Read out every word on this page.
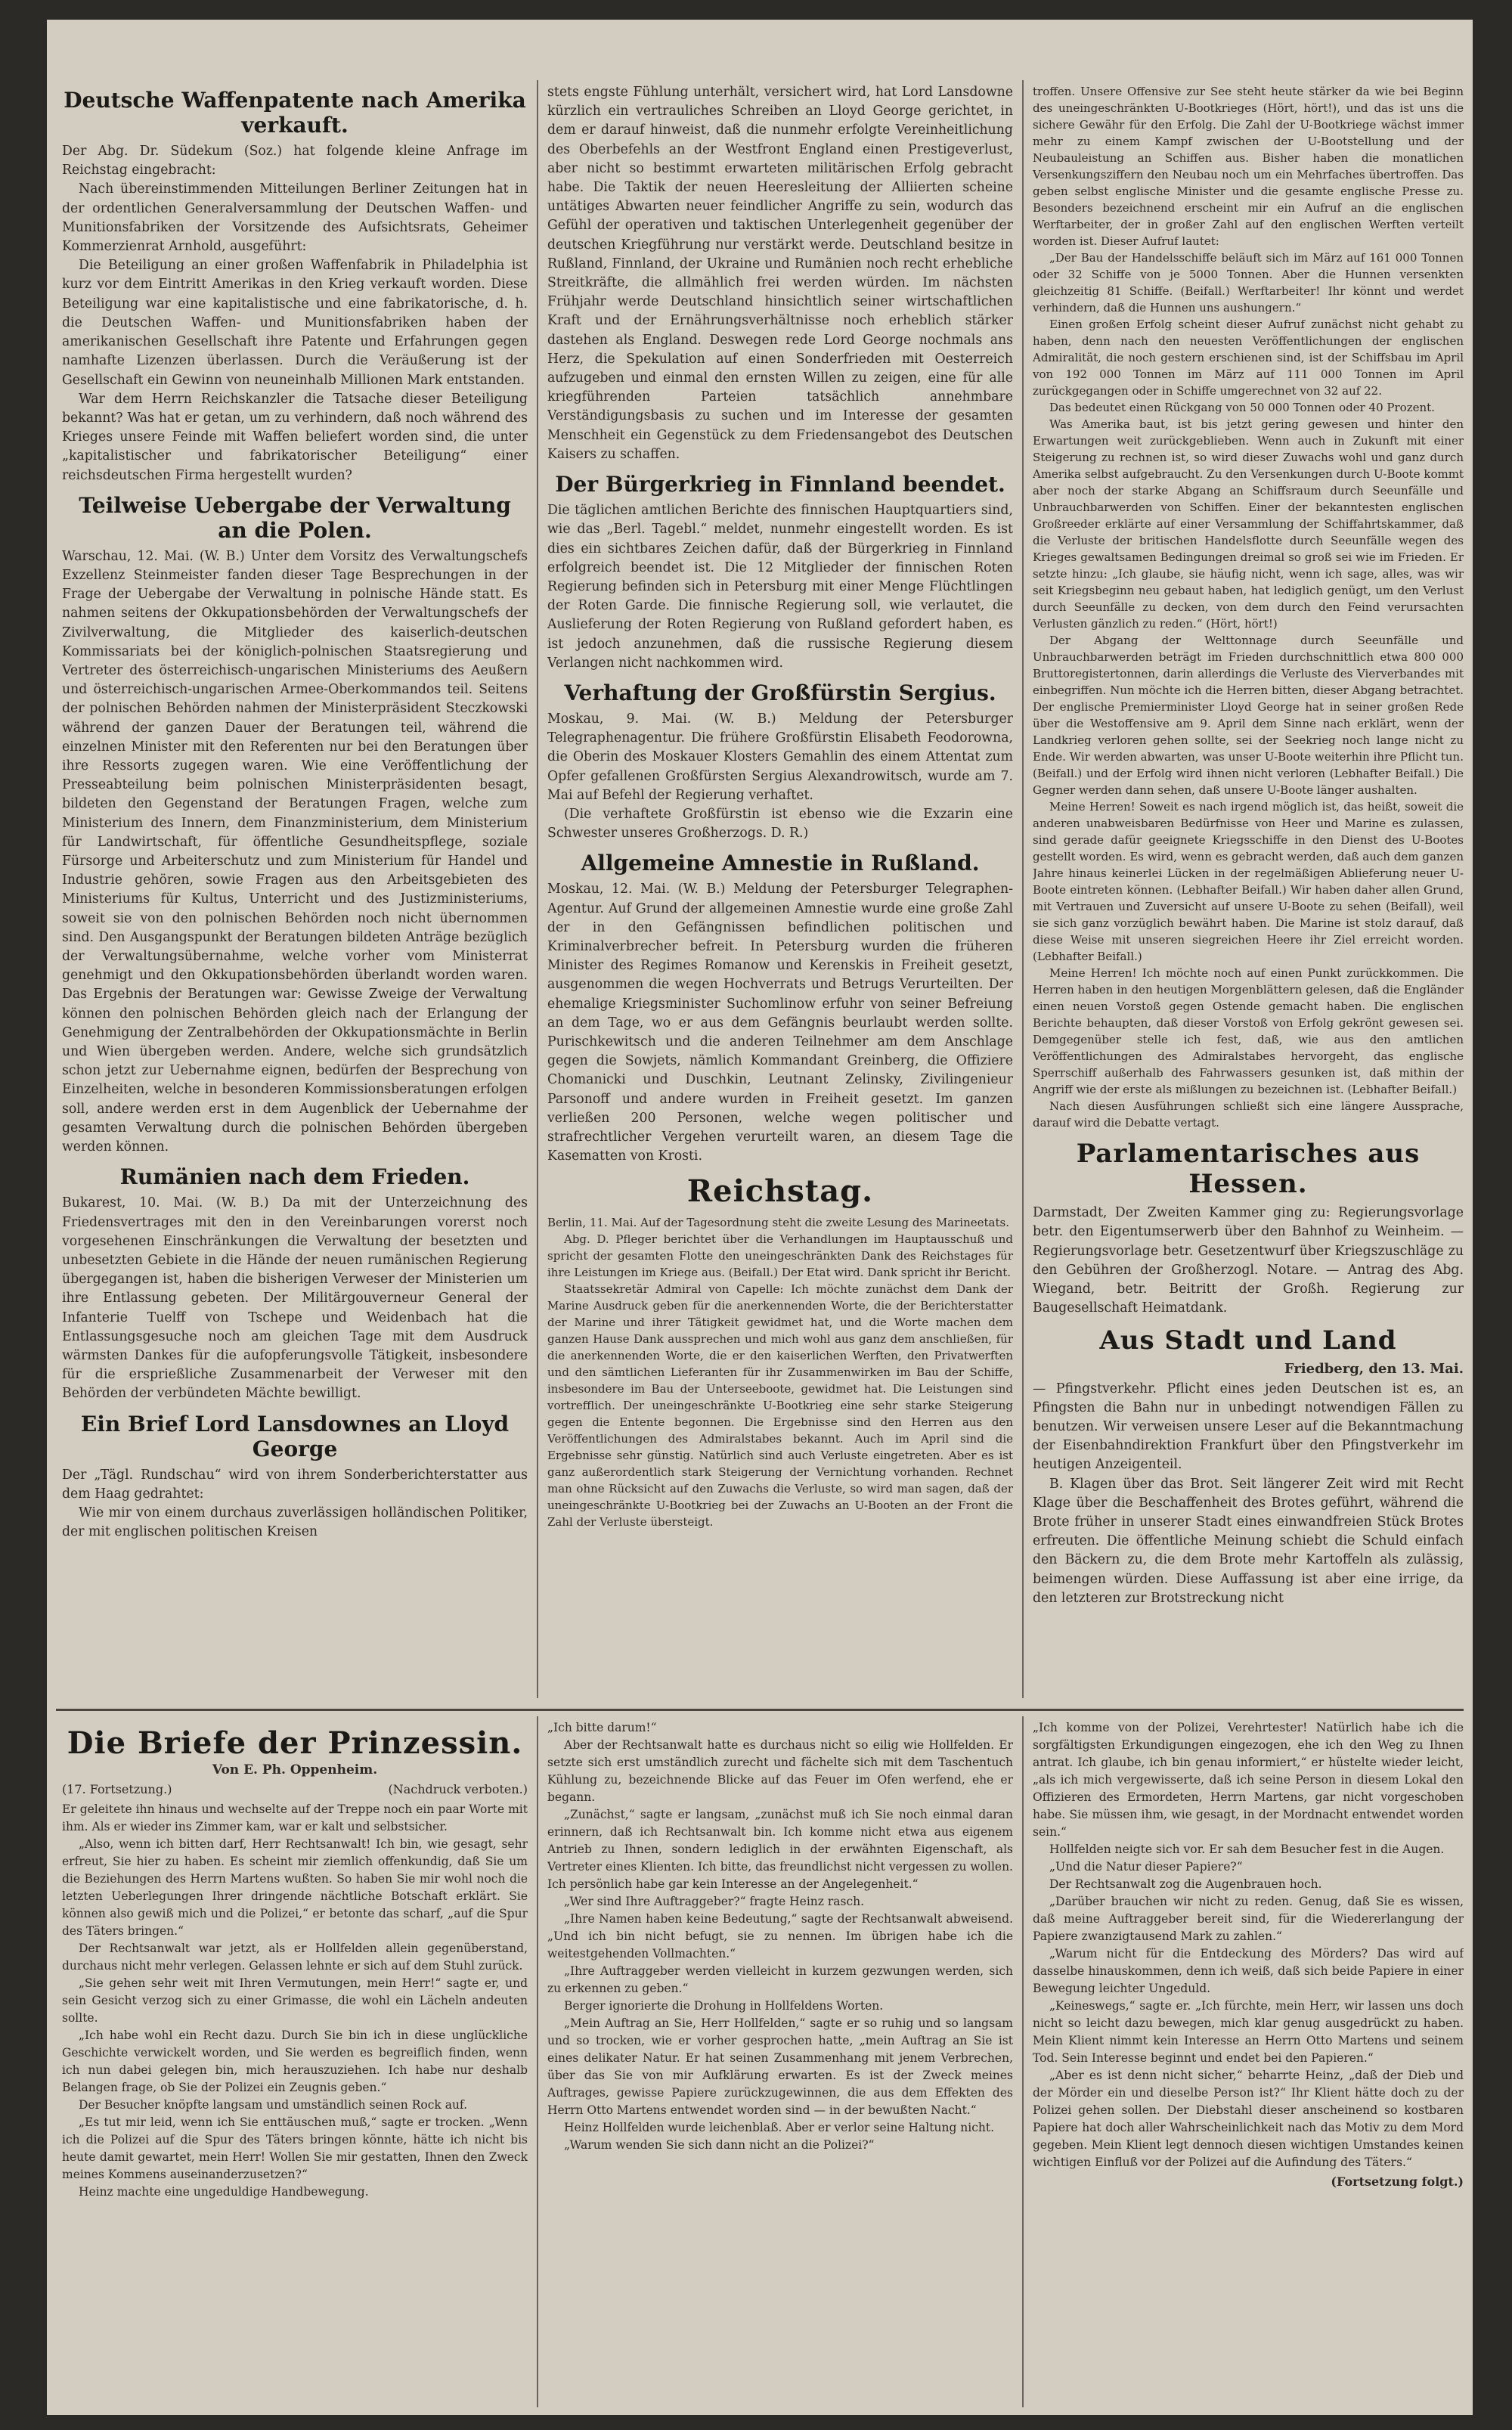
Deutsche Waffenpatente nach Amerika verkauft.

Der Abg. Dr. Südekum (Soz.) hat folgende kleine Anfrage im Reichstag eingebracht:

Nach übereinstimmenden Mitteilungen Berliner Zeitungen hat in der ordentlichen Generalversammlung der Deutschen Waffen- und Munitionsfabriken der Vorsitzende des Aufsichtsrats, Geheimer Kommerzienrat Arnhold, ausgeführt:

Die Beteiligung an einer großen Waffenfabrik in Philadelphia ist kurz vor dem Eintritt Amerikas in den Krieg verkauft worden. Diese Beteiligung war eine kapitalistische und eine fabrikatorische, d. h. die Deutschen Waffen- und Munitionsfabriken haben der amerikanischen Gesellschaft ihre Patente und Erfahrungen gegen namhafte Lizenzen überlassen. Durch die Veräußerung ist der Gesellschaft ein Gewinn von neuneinhalb Millionen Mark entstanden.

War dem Herrn Reichskanzler die Tatsache dieser Beteiligung bekannt? Was hat er getan, um zu verhindern, daß noch während des Krieges unsere Feinde mit Waffen beliefert worden sind, die unter „kapitalistischer und fabrikatorischer Beteiligung“ einer reichsdeutschen Firma hergestellt wurden?

Teilweise Uebergabe der Verwaltung an die Polen.

Warschau, 12. Mai. (W. B.) Unter dem Vorsitz des Verwaltungschefs Exzellenz Steinmeister fanden dieser Tage Besprechungen in der Frage der Uebergabe der Verwaltung in polnische Hände statt. Es nahmen seitens der Okkupationsbehörden der Verwaltungschefs der Zivilverwaltung, die Mitglieder des kaiserlich-deutschen Kommissariats bei der königlich-polnischen Staatsregierung und Vertreter des österreichisch-ungarischen Ministeriums des Aeußern und österreichisch-ungarischen Armee-Oberkommandos teil. Seitens der polnischen Behörden nahmen der Ministerpräsident Steczkowski während der ganzen Dauer der Beratungen teil, während die einzelnen Minister mit den Referenten nur bei den Beratungen über ihre Ressorts zugegen waren. Wie eine Veröffentlichung der Presseabteilung beim polnischen Ministerpräsidenten besagt, bildeten den Gegenstand der Beratungen Fragen, welche zum Ministerium des Innern, dem Finanzministerium, dem Ministerium für Landwirtschaft, für öffentliche Gesundheitspflege, soziale Fürsorge und Arbeiterschutz und zum Ministerium für Handel und Industrie gehören, sowie Fragen aus den Arbeitsgebieten des Ministeriums für Kultus, Unterricht und des Justizministeriums, soweit sie von den polnischen Behörden noch nicht übernommen sind. Den Ausgangspunkt der Beratungen bildeten Anträge bezüglich der Verwaltungsübernahme, welche vorher vom Ministerrat genehmigt und den Okkupationsbehörden überlandt worden waren. Das Ergebnis der Beratungen war: Gewisse Zweige der Verwaltung können den polnischen Behörden gleich nach der Erlangung der Genehmigung der Zentralbehörden der Okkupationsmächte in Berlin und Wien übergeben werden. Andere, welche sich grundsätzlich schon jetzt zur Uebernahme eignen, bedürfen der Besprechung von Einzelheiten, welche in besonderen Kommissionsberatungen erfolgen soll, andere werden erst in dem Augenblick der Uebernahme der gesamten Verwaltung durch die polnischen Behörden übergeben werden können.

Rumänien nach dem Frieden.

Bukarest, 10. Mai. (W. B.) Da mit der Unterzeichnung des Friedensvertrages mit den in den Vereinbarungen vorerst noch vorgesehenen Einschränkungen die Verwaltung der besetzten und unbesetzten Gebiete in die Hände der neuen rumänischen Regierung übergegangen ist, haben die bisherigen Verweser der Ministerien um ihre Entlassung gebeten. Der Militärgouverneur General der Infanterie Tuelff von Tschepe und Weidenbach hat die Entlassungsgesuche noch am gleichen Tage mit dem Ausdruck wärmsten Dankes für die aufopferungsvolle Tätigkeit, insbesondere für die ersprießliche Zusammenarbeit der Verweser mit den Behörden der verbündeten Mächte bewilligt.

Ein Brief Lord Lansdownes an Lloyd George

Der „Tägl. Rundschau“ wird von ihrem Sonderberichterstatter aus dem Haag gedrahtet:

Wie mir von einem durchaus zuverlässigen holländischen Politiker, der mit englischen politischen Kreisen

stets engste Fühlung unterhält, versichert wird, hat Lord Lansdowne kürzlich ein vertrauliches Schreiben an Lloyd George gerichtet, in dem er darauf hinweist, daß die nunmehr erfolgte Vereinheitlichung des Oberbefehls an der Westfront England einen Prestigeverlust, aber nicht so bestimmt erwarteten militärischen Erfolg gebracht habe. Die Taktik der neuen Heeresleitung der Alliierten scheine untätiges Abwarten neuer feindlicher Angriffe zu sein, wodurch das Gefühl der operativen und taktischen Unterlegenheit gegenüber der deutschen Kriegführung nur verstärkt werde. Deutschland besitze in Rußland, Finnland, der Ukraine und Rumänien noch recht erhebliche Streitkräfte, die allmählich frei werden würden. Im nächsten Frühjahr werde Deutschland hinsichtlich seiner wirtschaftlichen Kraft und der Ernährungsverhältnisse noch erheblich stärker dastehen als England. Deswegen rede Lord George nochmals ans Herz, die Spekulation auf einen Sonderfrieden mit Oesterreich aufzugeben und einmal den ernsten Willen zu zeigen, eine für alle kriegführenden Parteien tatsächlich annehmbare Verständigungsbasis zu suchen und im Interesse der gesamten Menschheit ein Gegenstück zu dem Friedensangebot des Deutschen Kaisers zu schaffen.

Der Bürgerkrieg in Finnland beendet.

Die täglichen amtlichen Berichte des finnischen Hauptquartiers sind, wie das „Berl. Tagebl.“ meldet, nunmehr eingestellt worden. Es ist dies ein sichtbares Zeichen dafür, daß der Bürgerkrieg in Finnland erfolgreich beendet ist. Die 12 Mitglieder der finnischen Roten Regierung befinden sich in Petersburg mit einer Menge Flüchtlingen der Roten Garde. Die finnische Regierung soll, wie verlautet, die Auslieferung der Roten Regierung von Rußland gefordert haben, es ist jedoch anzunehmen, daß die russische Regierung diesem Verlangen nicht nachkommen wird.

Verhaftung der Großfürstin Sergius.

Moskau, 9. Mai. (W. B.) Meldung der Petersburger Telegraphenagentur. Die frühere Großfürstin Elisabeth Feodorowna, die Oberin des Moskauer Klosters Gemahlin des einem Attentat zum Opfer gefallenen Großfürsten Sergius Alexandrowitsch, wurde am 7. Mai auf Befehl der Regierung verhaftet.

(Die verhaftete Großfürstin ist ebenso wie die Exzarin eine Schwester unseres Großherzogs. D. R.)

Allgemeine Amnestie in Rußland.

Moskau, 12. Mai. (W. B.) Meldung der Petersburger Telegraphen-Agentur. Auf Grund der allgemeinen Amnestie wurde eine große Zahl der in den Gefängnissen befindlichen politischen und Kriminalverbrecher befreit. In Petersburg wurden die früheren Minister des Regimes Romanow und Kerenskis in Freiheit gesetzt, ausgenommen die wegen Hochverrats und Betrugs Verurteilten. Der ehemalige Kriegsminister Suchomlinow erfuhr von seiner Befreiung an dem Tage, wo er aus dem Gefängnis beurlaubt werden sollte. Purischkewitsch und die anderen Teilnehmer am dem Anschlage gegen die Sowjets, nämlich Kommandant Greinberg, die Offiziere Chomanicki und Duschkin, Leutnant Zelinsky, Zivilingenieur Parsonoff und andere wurden in Freiheit gesetzt. Im ganzen verließen 200 Personen, welche wegen politischer und strafrechtlicher Vergehen verurteilt waren, an diesem Tage die Kasematten von Krosti.

Reichstag.

Berlin, 11. Mai. Auf der Tagesordnung steht die zweite Lesung des Marineetats.

Abg. D. Pfleger berichtet über die Verhandlungen im Hauptausschuß und spricht der gesamten Flotte den uneingeschränkten Dank des Reichstages für ihre Leistungen im Kriege aus. (Beifall.) Der Etat wird. Dank spricht ihr Bericht.

Staatssekretär Admiral von Capelle: Ich möchte zunächst dem Dank der Marine Ausdruck geben für die anerkennenden Worte, die der Berichterstatter der Marine und ihrer Tätigkeit gewidmet hat, und die Worte machen dem ganzen Hause Dank aussprechen und mich wohl aus ganz dem anschließen, für die anerkennenden Worte, die er den kaiserlichen Werften, den Privatwerften und den sämtlichen Lieferanten für ihr Zusammenwirken im Bau der Schiffe, insbesondere im Bau der Unterseeboote, gewidmet hat. Die Leistungen sind vortrefflich. Der uneingeschränkte U-Bootkrieg eine sehr starke Steigerung gegen die Entente begonnen. Die Ergebnisse sind den Herren aus den Veröffentlichungen des Admiralstabes bekannt. Auch im April sind die Ergebnisse sehr günstig. Natürlich sind auch Verluste eingetreten. Aber es ist ganz außerordentlich stark Steigerung der Vernichtung vorhanden. Rechnet man ohne Rücksicht auf den Zuwachs die Verluste, so wird man sagen, daß der uneingeschränkte U-Bootkrieg bei der Zuwachs an U-Booten an der Front die Zahl der Verluste übersteigt.

troffen. Unsere Offensive zur See steht heute stärker da wie bei Beginn des uneingeschränkten U-Bootkrieges (Hört, hört!), und das ist uns die sichere Gewähr für den Erfolg. Die Zahl der U-Bootkriege wächst immer mehr zu einem Kampf zwischen der U-Bootstellung und der Neubauleistung an Schiffen aus. Bisher haben die monatlichen Versenkungsziffern den Neubau noch um ein Mehrfaches übertroffen. Das geben selbst englische Minister und die gesamte englische Presse zu. Besonders bezeichnend erscheint mir ein Aufruf an die englischen Werftarbeiter, der in großer Zahl auf den englischen Werften verteilt worden ist. Dieser Aufruf lautet:

„Der Bau der Handelsschiffe beläuft sich im März auf 161 000 Tonnen oder 32 Schiffe von je 5000 Tonnen. Aber die Hunnen versenkten gleichzeitig 81 Schiffe. (Beifall.) Werftarbeiter! Ihr könnt und werdet verhindern, daß die Hunnen uns aushungern.“

Einen großen Erfolg scheint dieser Aufruf zunächst nicht gehabt zu haben, denn nach den neuesten Veröffentlichungen der englischen Admiralität, die noch gestern erschienen sind, ist der Schiffsbau im April von 192 000 Tonnen im März auf 111 000 Tonnen im April zurückgegangen oder in Schiffe umgerechnet von 32 auf 22.

Das bedeutet einen Rückgang von 50 000 Tonnen oder 40 Prozent.

Was Amerika baut, ist bis jetzt gering gewesen und hinter den Erwartungen weit zurückgeblieben. Wenn auch in Zukunft mit einer Steigerung zu rechnen ist, so wird dieser Zuwachs wohl und ganz durch Amerika selbst aufgebraucht. Zu den Versenkungen durch U-Boote kommt aber noch der starke Abgang an Schiffsraum durch Seeunfälle und Unbrauchbarwerden von Schiffen. Einer der bekanntesten englischen Großreeder erklärte auf einer Versammlung der Schiffahrtskammer, daß die Verluste der britischen Handelsflotte durch Seeunfälle wegen des Krieges gewaltsamen Bedingungen dreimal so groß sei wie im Frieden. Er setzte hinzu: „Ich glaube, sie häufig nicht, wenn ich sage, alles, was wir seit Kriegsbeginn neu gebaut haben, hat lediglich genügt, um den Verlust durch Seeunfälle zu decken, von dem durch den Feind verursachten Verlusten gänzlich zu reden.“ (Hört, hört!)

Der Abgang der Welttonnage durch Seeunfälle und Unbrauchbarwerden beträgt im Frieden durchschnittlich etwa 800 000 Bruttoregistertonnen, darin allerdings die Verluste des Vierverbandes mit einbegriffen. Nun möchte ich die Herren bitten, dieser Abgang betrachtet. Der englische Premierminister Lloyd George hat in seiner großen Rede über die Westoffensive am 9. April dem Sinne nach erklärt, wenn der Landkrieg verloren gehen sollte, sei der Seekrieg noch lange nicht zu Ende. Wir werden abwarten, was unser U-Boote weiterhin ihre Pflicht tun. (Beifall.) und der Erfolg wird ihnen nicht verloren (Lebhafter Beifall.) Die Gegner werden dann sehen, daß unsere U-Boote länger aushalten.

Meine Herren! Soweit es nach irgend möglich ist, das heißt, soweit die anderen unabweisbaren Bedürfnisse von Heer und Marine es zulassen, sind gerade dafür geeignete Kriegsschiffe in den Dienst des U-Bootes gestellt worden. Es wird, wenn es gebracht werden, daß auch dem ganzen Jahre hinaus keinerlei Lücken in der regelmäßigen Ablieferung neuer U-Boote eintreten können. (Lebhafter Beifall.) Wir haben daher allen Grund, mit Vertrauen und Zuversicht auf unsere U-Boote zu sehen (Beifall), weil sie sich ganz vorzüglich bewährt haben. Die Marine ist stolz darauf, daß diese Weise mit unseren siegreichen Heere ihr Ziel erreicht worden. (Lebhafter Beifall.)

Meine Herren! Ich möchte noch auf einen Punkt zurückkommen. Die Herren haben in den heutigen Morgenblättern gelesen, daß die Engländer einen neuen Vorstoß gegen Ostende gemacht haben. Die englischen Berichte behaupten, daß dieser Vorstoß von Erfolg gekrönt gewesen sei. Demgegenüber stelle ich fest, daß, wie aus den amtlichen Veröffentlichungen des Admiralstabes hervorgeht, das englische Sperrschiff außerhalb des Fahrwassers gesunken ist, daß mithin der Angriff wie der erste als mißlungen zu bezeichnen ist. (Lebhafter Beifall.)

Nach diesen Ausführungen schließt sich eine längere Aussprache, darauf wird die Debatte vertagt.

Parlamentarisches aus Hessen.

Darmstadt, Der Zweiten Kammer ging zu: Regierungsvorlage betr. den Eigentumserwerb über den Bahnhof zu Weinheim. — Regierungsvorlage betr. Gesetzentwurf über Kriegszuschläge zu den Gebühren der Großherzogl. Notare. — Antrag des Abg. Wiegand, betr. Beitritt der Großh. Regierung zur Baugesellschaft Heimatdank.

Aus Stadt und Land
Friedberg, den 13. Mai.

— Pfingstverkehr. Pflicht eines jeden Deutschen ist es, an Pfingsten die Bahn nur in unbedingt notwendigen Fällen zu benutzen. Wir verweisen unsere Leser auf die Bekanntmachung der Eisenbahndirektion Frankfurt über den Pfingstverkehr im heutigen Anzeigenteil.

B. Klagen über das Brot. Seit längerer Zeit wird mit Recht Klage über die Beschaffenheit des Brotes geführt, während die Brote früher in unserer Stadt eines einwandfreien Stück Brotes erfreuten. Die öffentliche Meinung schiebt die Schuld einfach den Bäckern zu, die dem Brote mehr Kartoffeln als zulässig, beimengen würden. Diese Auffassung ist aber eine irrige, da den letzteren zur Brotstreckung nicht

Die Briefe der Prinzessin.
Von E. Ph. Oppenheim.
(17. Fortsetzung.)	(Nachdruck verboten.)

Er geleitete ihn hinaus und wechselte auf der Treppe noch ein paar Worte mit ihm. Als er wieder ins Zimmer kam, war er kalt und selbstsicher.

„Also, wenn ich bitten darf, Herr Rechtsanwalt! Ich bin, wie gesagt, sehr erfreut, Sie hier zu haben. Es scheint mir ziemlich offenkundig, daß Sie um die Beziehungen des Herrn Martens wußten. So haben Sie mir wohl noch die letzten Ueberlegungen Ihrer dringende nächtliche Botschaft erklärt. Sie können also gewiß mich und die Polizei,“ er betonte das scharf, „auf die Spur des Täters bringen.“

Der Rechtsanwalt war jetzt, als er Hollfelden allein gegenüberstand, durchaus nicht mehr verlegen. Gelassen lehnte er sich auf dem Stuhl zurück.

„Sie gehen sehr weit mit Ihren Vermutungen, mein Herr!“ sagte er, und sein Gesicht verzog sich zu einer Grimasse, die wohl ein Lächeln andeuten sollte.

„Ich habe wohl ein Recht dazu. Durch Sie bin ich in diese unglückliche Geschichte verwickelt worden, und Sie werden es begreiflich finden, wenn ich nun dabei gelegen bin, mich herauszuziehen. Ich habe nur deshalb Belangen frage, ob Sie der Polizei ein Zeugnis geben.“

Der Besucher knöpfte langsam und umständlich seinen Rock auf.

„Es tut mir leid, wenn ich Sie enttäuschen muß,“ sagte er trocken. „Wenn ich die Polizei auf die Spur des Täters bringen könnte, hätte ich nicht bis heute damit gewartet, mein Herr! Wollen Sie mir gestatten, Ihnen den Zweck meines Kommens auseinanderzusetzen?“

Heinz machte eine ungeduldige Handbewegung.

„Ich bitte darum!“

Aber der Rechtsanwalt hatte es durchaus nicht so eilig wie Hollfelden. Er setzte sich erst umständlich zurecht und fächelte sich mit dem Taschentuch Kühlung zu, bezeichnende Blicke auf das Feuer im Ofen werfend, ehe er begann.

„Zunächst,“ sagte er langsam, „zunächst muß ich Sie noch einmal daran erinnern, daß ich Rechtsanwalt bin. Ich komme nicht etwa aus eigenem Antrieb zu Ihnen, sondern lediglich in der erwähnten Eigenschaft, als Vertreter eines Klienten. Ich bitte, das freundlichst nicht vergessen zu wollen. Ich persönlich habe gar kein Interesse an der Angelegenheit.“

„Wer sind Ihre Auftraggeber?“ fragte Heinz rasch.

„Ihre Namen haben keine Bedeutung,“ sagte der Rechtsanwalt abweisend. „Und ich bin nicht befugt, sie zu nennen. Im übrigen habe ich die weitestgehenden Vollmachten.“

„Ihre Auftraggeber werden vielleicht in kurzem gezwungen werden, sich zu erkennen zu geben.“

Berger ignorierte die Drohung in Hollfeldens Worten.

„Mein Auftrag an Sie, Herr Hollfelden,“ sagte er so ruhig und so langsam und so trocken, wie er vorher gesprochen hatte, „mein Auftrag an Sie ist eines delikater Natur. Er hat seinen Zusammenhang mit jenem Verbrechen, über das Sie von mir Aufklärung erwarten. Es ist der Zweck meines Auftrages, gewisse Papiere zurückzugewinnen, die aus dem Effekten des Herrn Otto Martens entwendet worden sind — in der bewußten Nacht.“

Heinz Hollfelden wurde leichenblaß. Aber er verlor seine Haltung nicht.

„Warum wenden Sie sich dann nicht an die Polizei?“

„Ich komme von der Polizei, Verehrtester! Natürlich habe ich die sorgfältigsten Erkundigungen eingezogen, ehe ich den Weg zu Ihnen antrat. Ich glaube, ich bin genau informiert,“ er hüstelte wieder leicht, „als ich mich vergewisserte, daß ich seine Person in diesem Lokal den Offizieren des Ermordeten, Herrn Martens, gar nicht vorgeschoben habe. Sie müssen ihm, wie gesagt, in der Mordnacht entwendet worden sein.“

Hollfelden neigte sich vor. Er sah dem Besucher fest in die Augen.

„Und die Natur dieser Papiere?“

Der Rechtsanwalt zog die Augenbrauen hoch.

„Darüber brauchen wir nicht zu reden. Genug, daß Sie es wissen, daß meine Auftraggeber bereit sind, für die Wiedererlangung der Papiere zwanzigtausend Mark zu zahlen.“

„Warum nicht für die Entdeckung des Mörders? Das wird auf dasselbe hinauskommen, denn ich weiß, daß sich beide Papiere in einer Bewegung leichter Ungeduld.

„Keineswegs,“ sagte er. „Ich fürchte, mein Herr, wir lassen uns doch nicht so leicht dazu bewegen, mich klar genug ausgedrückt zu haben. Mein Klient nimmt kein Interesse an Herrn Otto Martens und seinem Tod. Sein Interesse beginnt und endet bei den Papieren.“

„Aber es ist denn nicht sicher,“ beharrte Heinz, „daß der Dieb und der Mörder ein und dieselbe Person ist?“ Ihr Klient hätte doch zu der Polizei gehen sollen. Der Diebstahl dieser anscheinend so kostbaren Papiere hat doch aller Wahrscheinlichkeit nach das Motiv zu dem Mord gegeben. Mein Klient legt dennoch diesen wichtigen Umstandes keinen wichtigen Einfluß vor der Polizei auf die Aufindung des Täters.“

(Fortsetzung folgt.)
